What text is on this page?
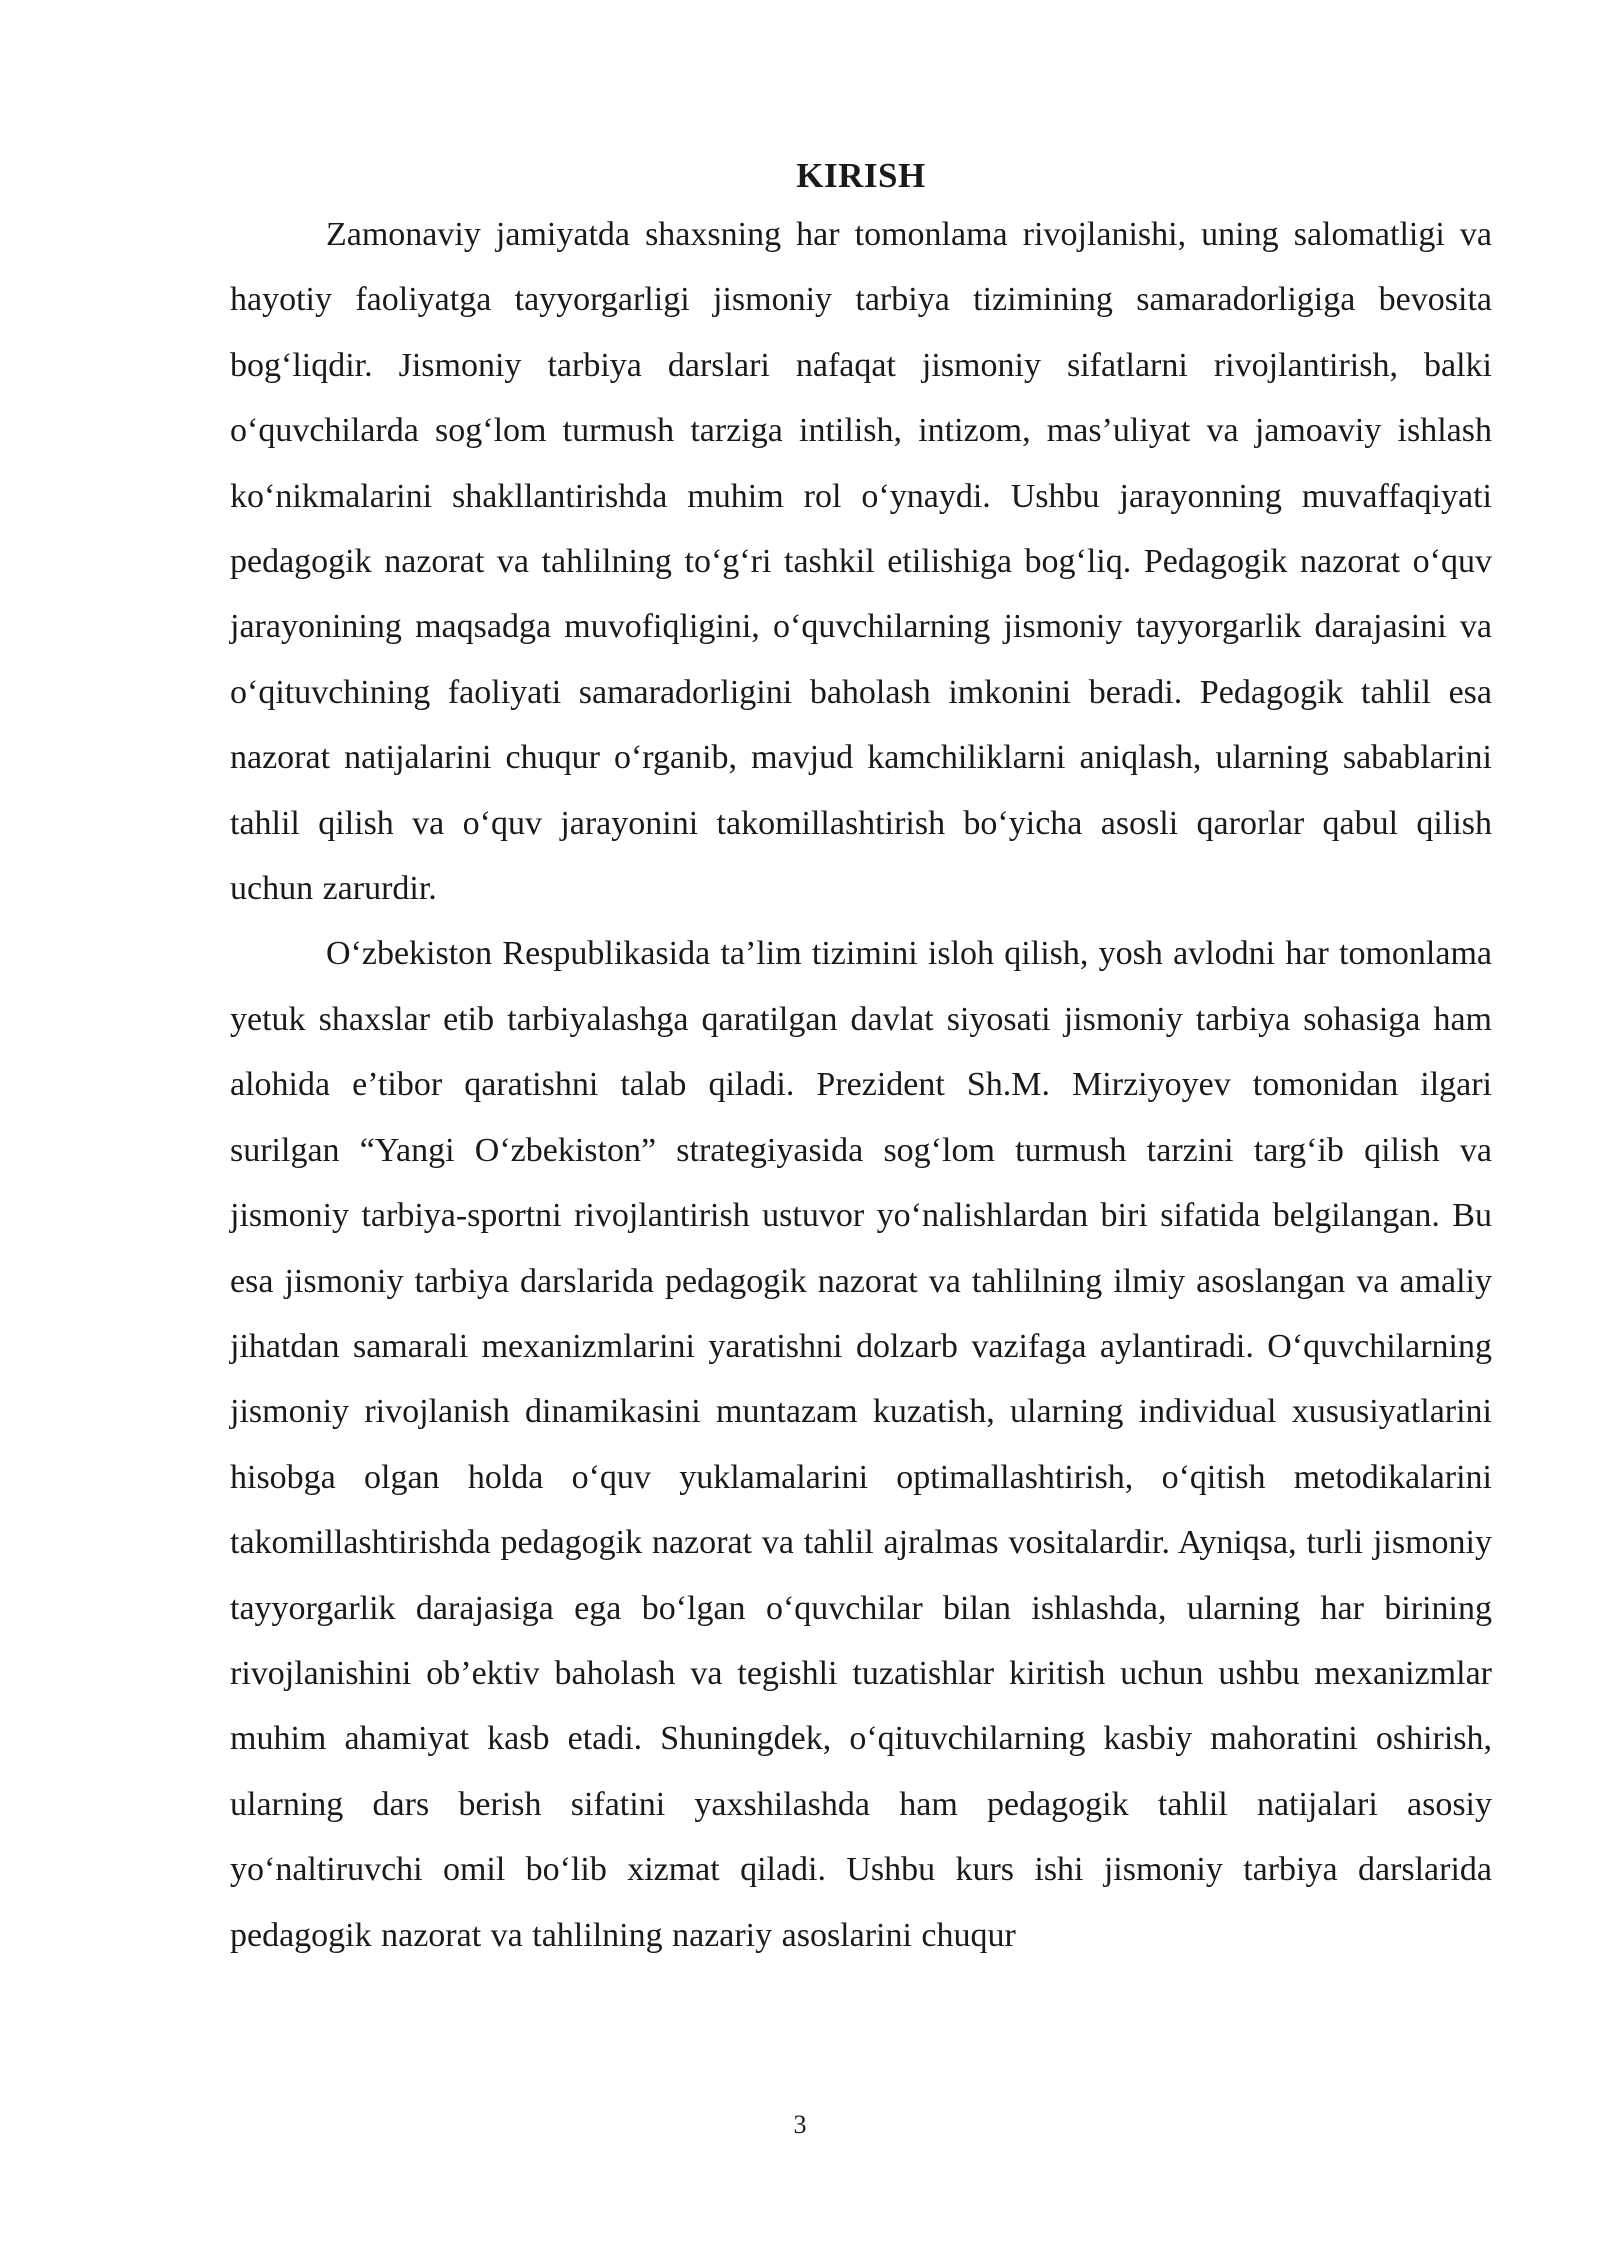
KIRISH

Zamonaviy jamiyatda shaxsning har tomonlama rivojlanishi, uning salomatligi va hayotiy faoliyatga tayyorgarligi jismoniy tarbiya tizimining samaradorligiga bevosita bog‘liqdir. Jismoniy tarbiya darslari nafaqat jismoniy sifatlarni rivojlantirish, balki o‘quvchilarda sog‘lom turmush tarziga intilish, intizom, mas’uliyat va jamoaviy ishlash ko‘nikmalarini shakllantirishda muhim rol o‘ynaydi. Ushbu jarayonning muvaffaqiyati pedagogik nazorat va tahlilning to‘g‘ri tashkil etilishiga bog‘liq. Pedagogik nazorat o‘quv jarayonining maqsadga muvofiqligini, o‘quvchilarning jismoniy tayyorgarlik darajasini va o‘qituvchining faoliyati samaradorligini baholash imkonini beradi. Pedagogik tahlil esa nazorat natijalarini chuqur o‘rganib, mavjud kamchiliklarni aniqlash, ularning sabablarini tahlil qilish va o‘quv jarayonini takomillashtirish bo‘yicha asosli qarorlar qabul qilish uchun zarurdir.

O‘zbekiston Respublikasida ta’lim tizimini isloh qilish, yosh avlodni har tomonlama yetuk shaxslar etib tarbiyalashga qaratilgan davlat siyosati jismoniy tarbiya sohasiga ham alohida e’tibor qaratishni talab qiladi. Prezident Sh.M. Mirziyoyev tomonidan ilgari surilgan “Yangi O‘zbekiston” strategiyasida sog‘lom turmush tarzini targ‘ib qilish va jismoniy tarbiya-sportni rivojlantirish ustuvor yo‘nalishlardan biri sifatida belgilangan. Bu esa jismoniy tarbiya darslarida pedagogik nazorat va tahlilning ilmiy asoslangan va amaliy jihatdan samarali mexanizmlarini yaratishni dolzarb vazifaga aylantiradi. O‘quvchilarning jismoniy rivojlanish dinamikasini muntazam kuzatish, ularning individual xususiyatlarini hisobga olgan holda o‘quv yuklamalarini optimallashtirish, o‘qitish metodikalarini takomillashtirishda pedagogik nazorat va tahlil ajralmas vositalardir. Ayniqsa, turli jismoniy tayyorgarlik darajasiga ega bo‘lgan o‘quvchilar bilan ishlashda, ularning har birining rivojlanishini ob’ektiv baholash va tegishli tuzatishlar kiritish uchun ushbu mexanizmlar muhim ahamiyat kasb etadi. Shuningdek, o‘qituvchilarning kasbiy mahoratini oshirish, ularning dars berish sifatini yaxshilashda ham pedagogik tahlil natijalari asosiy yo‘naltiruvchi omil bo‘lib xizmat qiladi. Ushbu kurs ishi jismoniy tarbiya darslarida pedagogik nazorat va tahlilning nazariy asoslarini chuqur

3
